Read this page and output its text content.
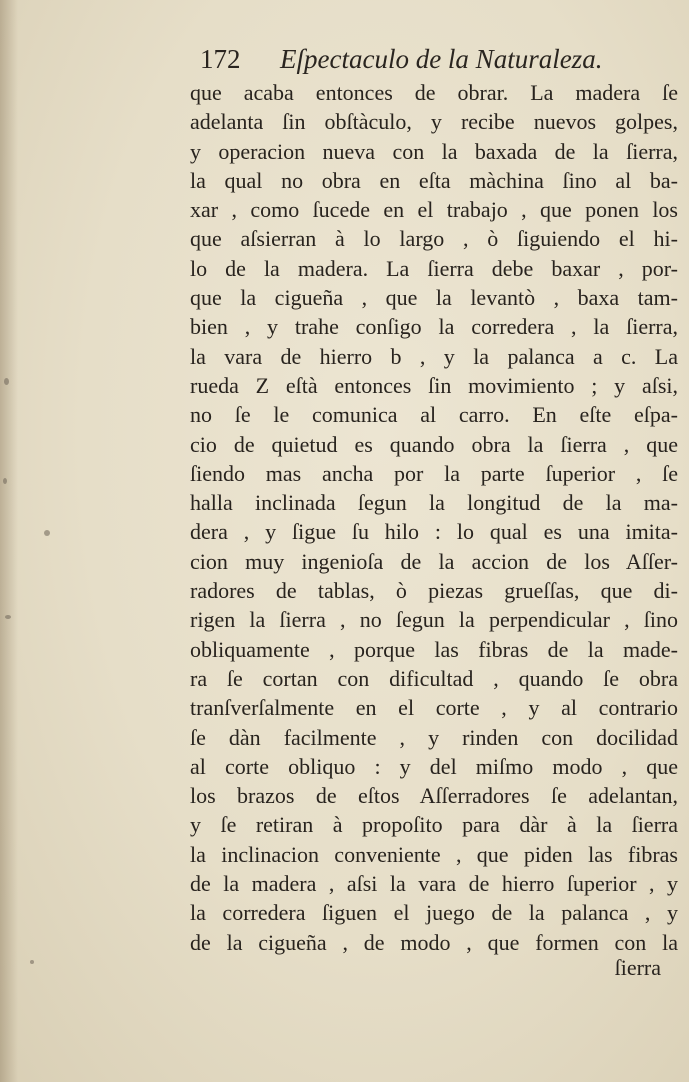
172 Eſpectaculo de la Naturaleza.
que acaba entonces de obrar. La madera ſe
adelanta ſin obſtàculo, y recibe nuevos golpes,
y operacion nueva con la baxada de la ſierra,
la qual no obra en eſta màchina ſino al ba-
xar , como ſucede en el trabajo , que ponen los
que aſsierran à lo largo , ò ſiguiendo el hi-
lo de la madera. La ſierra debe baxar , por-
que la cigueña , que la levantò , baxa tam-
bien , y trahe conſigo la corredera , la ſierra,
la vara de hierro b , y la palanca a c. La
rueda Z eſtà entonces ſin movimiento ; y aſsi,
no ſe le comunica al carro. En eſte eſpa-
cio de quietud es quando obra la ſierra , que
ſiendo mas ancha por la parte ſuperior , ſe
halla inclinada ſegun la longitud de la ma-
dera , y ſigue ſu hilo : lo qual es una imita-
cion muy ingenioſa de la accion de los Aſſer-
radores de tablas, ò piezas grueſſas, que di-
rigen la ſierra , no ſegun la perpendicular , ſino
obliquamente , porque las fibras de la made-
ra ſe cortan con dificultad , quando ſe obra
tranſverſalmente en el corte , y al contrario
ſe dàn facilmente , y rinden con docilidad
al corte obliquo : y del miſmo modo , que
los brazos de eſtos Aſſerradores ſe adelantan,
y ſe retiran à propoſito para dàr à la ſierra
la inclinacion conveniente , que piden las fibras
de la madera , aſsi la vara de hierro ſuperior , y
la corredera ſiguen el juego de la palanca , y
de la cigueña , de modo , que formen con la
ſierra
